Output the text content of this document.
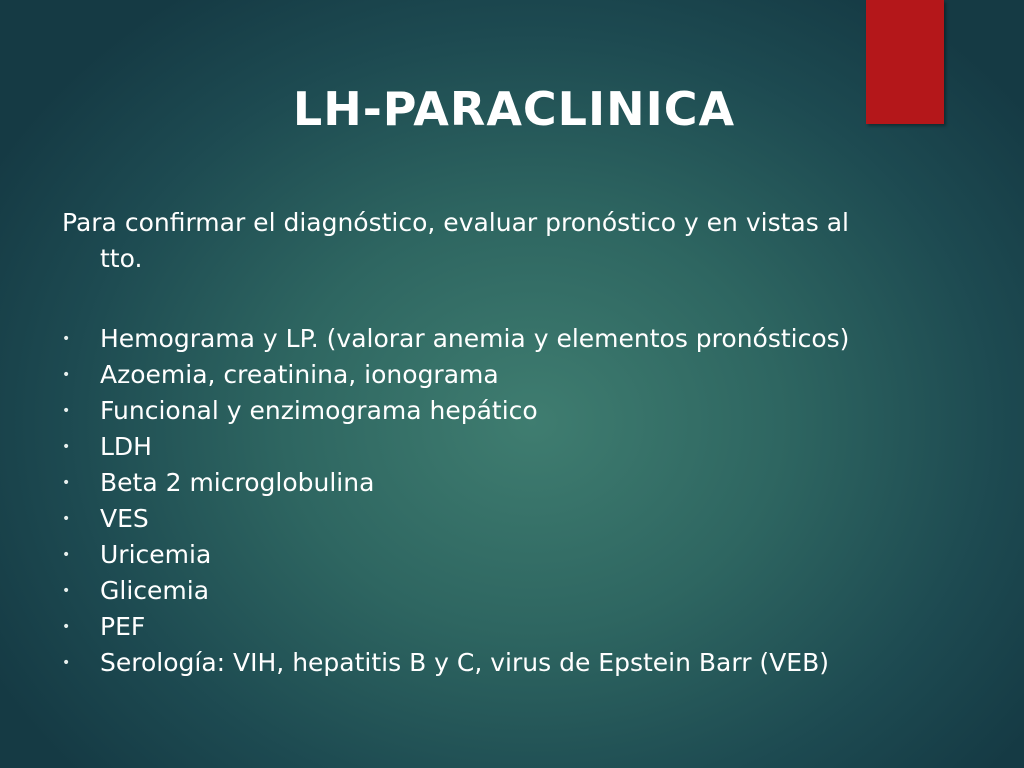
LH-PARACLINICA
Para confirmar el diagnóstico, evaluar pronóstico y en vistas al tto.
• Hemograma y LP. (valorar anemia y elementos pronósticos)
• Azoemia, creatinina, ionograma
• Funcional y enzimograma hepático
• LDH
• Beta 2 microglobulina
• VES
• Uricemia
• Glicemia
• PEF
• Serología: VIH, hepatitis B y C, virus de Epstein Barr (VEB)
